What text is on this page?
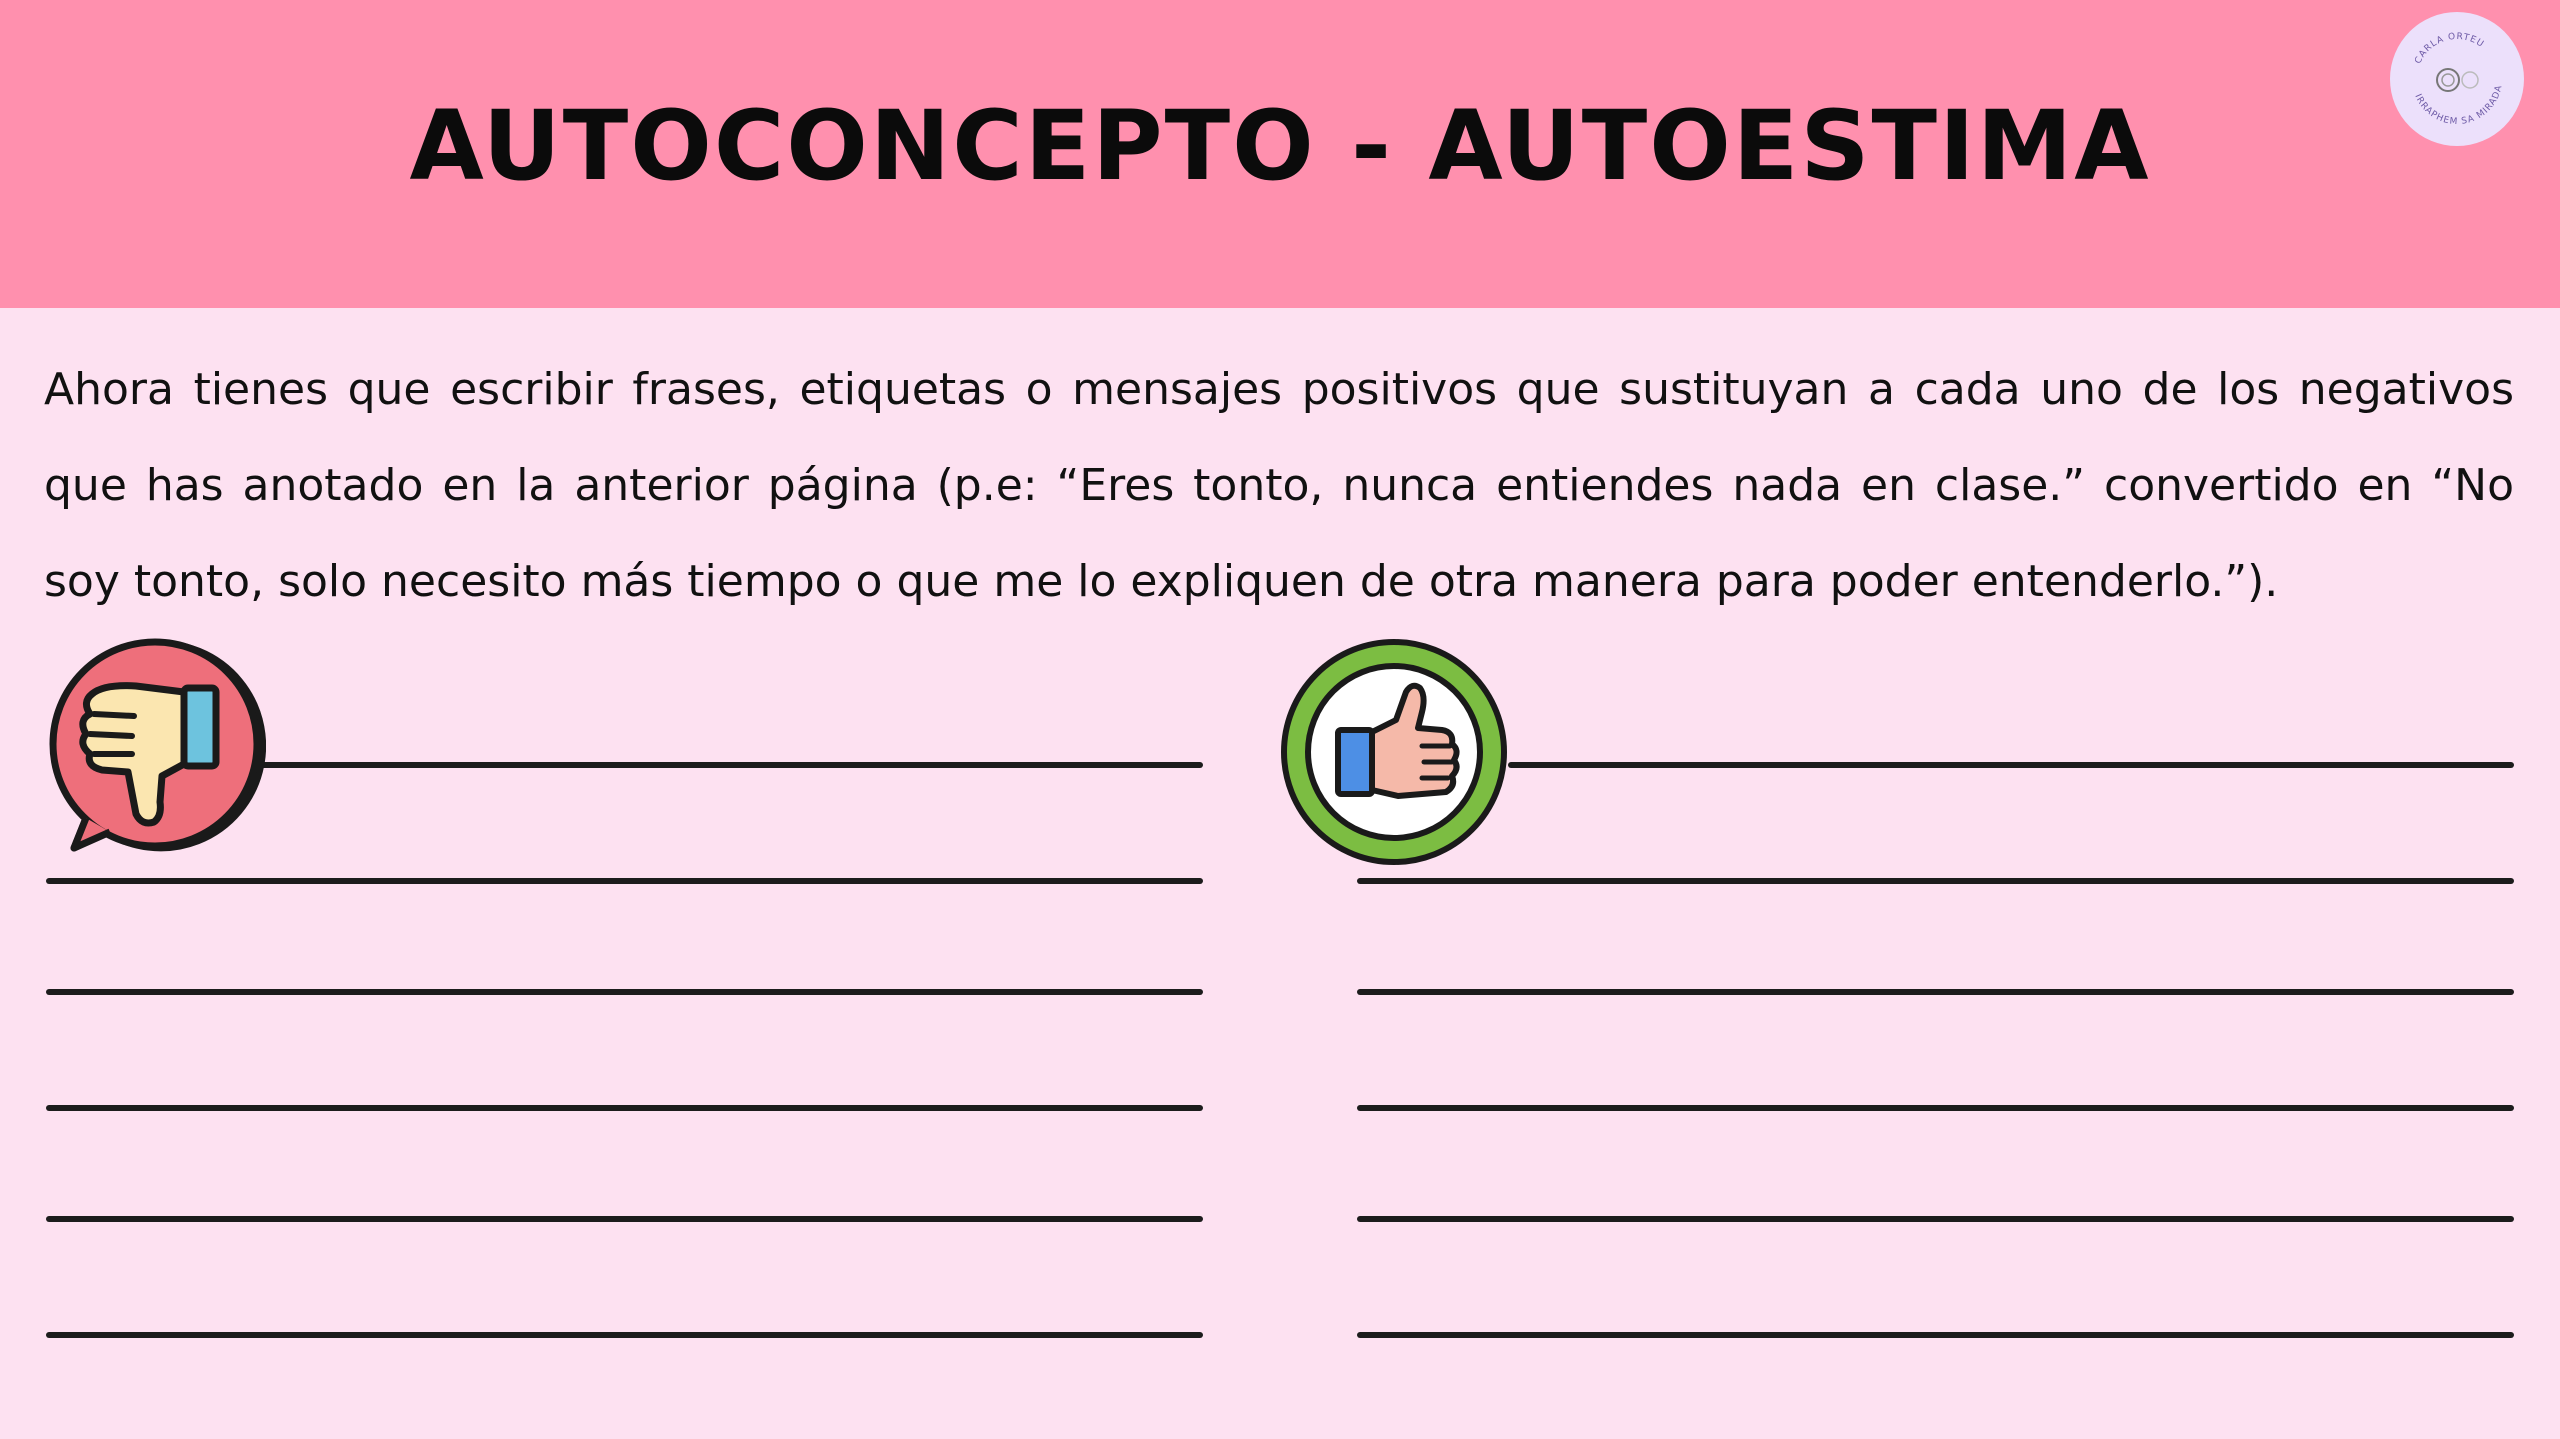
AUTOCONCEPTO - AUTOESTIMA
CARLA ORTEU
IRRAPHEM SA MIRADA
Ahora tienes que escribir frases, etiquetas o mensajes positivos que sustituyan a cada uno de los negativos que has anotado en la anterior página (p.e: “Eres tonto, nunca entiendes nada en clase.” convertido en “No soy tonto, solo necesito más tiempo o que me lo expliquen de otra manera para poder entenderlo.”).
